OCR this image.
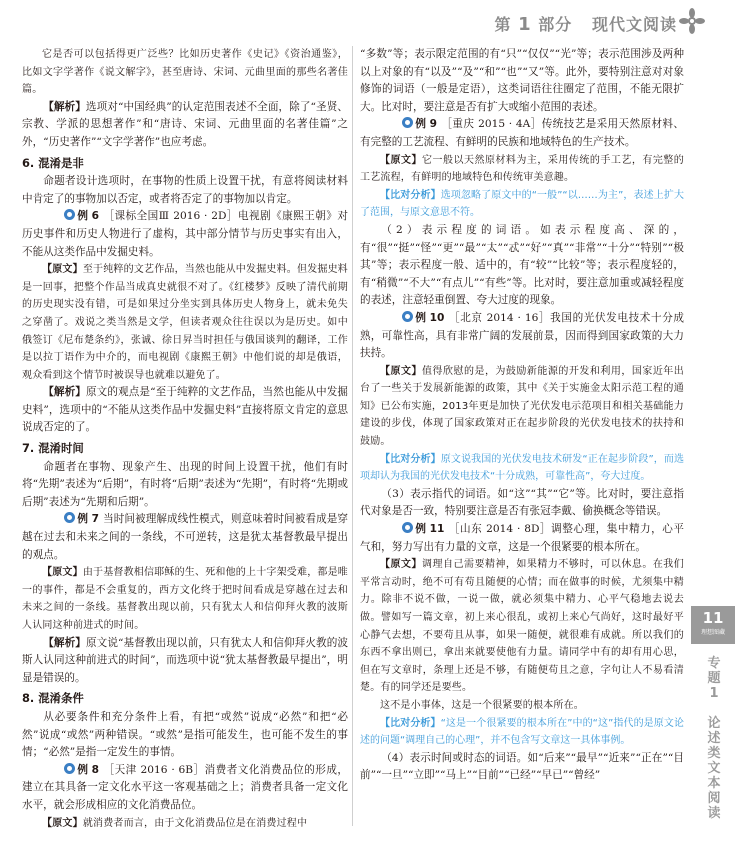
第 1 部分 现代文阅读
它是否可以包括得更广泛些？比如历史著作《史记》《资治通鉴》，比如文字学著作《说文解字》，甚至唐诗、宋词、元曲里面的那些名著佳篇。
【解析】选项对“中国经典”的认定范围表述不全面，除了“圣贤、宗教、学派的思想著作”和“唐诗、宋词、元曲里面的名著佳篇”之外，“历史著作”“文字学著作”也应考虑。
6. 混淆是非
命题者设计选项时，在事物的性质上设置干扰，有意将阅读材料中肯定了的事物加以否定，或者将否定了的事物加以肯定。
例 6 ［课标全国Ⅲ 2016 · 2D］电视剧《康熙王朝》对历史事件和历史人物进行了虚构，其中部分情节与历史事实有出入，不能从这类作品中发掘史料。
【原文】至于纯粹的文艺作品，当然也能从中发掘史料。但发掘史料是一回事，把整个作品当成真史就很不对了。《红楼梦》反映了清代前期的历史现实没有错，可是如果过分坐实到具体历史人物身上，就未免失之穿凿了。戏说之类当然是文学，但读者观众往往误以为是历史。如中俄签订《尼布楚条约》，张诚、徐日昇当时担任与俄国谈判的翻译，工作是以拉丁语作为中介的，而电视剧《康熙王朝》中他们说的却是俄语，观众看到这个情节时被误导也就难以避免了。
【解析】原文的观点是“至于纯粹的文艺作品，当然也能从中发掘史料”，选项中的“不能从这类作品中发掘史料”直接将原文肯定的意思说成否定的了。
7. 混淆时间
命题者在事物、现象产生、出现的时间上设置干扰，他们有时将“先期”表述为“后期”，有时将“后期”表述为“先期”，有时将“先期或后期”表述为“先期和后期”。
例 7 当时间被理解成线性模式，则意味着时间被看成是穿越在过去和未来之间的一条线，不可逆转，这是犹太基督教最早提出的观点。
【原文】由于基督教相信耶稣的生、死和他的上十字架受难，都是唯一的事件，都是不会重复的，西方文化终于把时间看成是穿越在过去和未来之间的一条线。基督教出现以前，只有犹太人和信仰拜火教的波斯人认同这种前进式的时间。
【解析】原文说“基督教出现以前，只有犹太人和信仰拜火教的波斯人认同这种前进式的时间”，而选项中说“犹太基督教最早提出”，明显是错误的。
8. 混淆条件
从必要条件和充分条件上看，有把“或然”说成“必然”和把“必然”说成“或然”两种错误。“或然”是指可能发生，也可能不发生的事情；“必然”是指一定发生的事情。
例 8 ［天津 2016 · 6B］消费者文化消费品位的形成，建立在其具备一定文化水平这一客观基础之上；消费者具备一定文化水平，就会形成相应的文化消费品位。
【原文】就消费者而言，由于文化消费品位是在消费过程中
“多数”等；表示限定范围的有“只”“仅仅”“光”等；表示范围涉及两种以上对象的有“以及”“及”“和”“也”“又”等。此外，要特别注意对对象修饰的词语（一般是定语），这类词语往往圈定了范围，不能无限扩大。比对时，要注意是否有扩大或缩小范围的表述。
例 9 ［重庆 2015 · 4A］传统技艺是采用天然原材料、有完整的工艺流程、有鲜明的民族和地域特色的生产技术。
【原文】它一般以天然原材料为主，采用传统的手工艺，有完整的工艺流程，有鲜明的地域特色和传统审美意趣。
【比对分析】选项忽略了原文中的“一般”“以……为主”，表述上扩大了范围，与原文意思不符。
（2）表示程度的词语。如表示程度高、深的，有“很”“挺”“怪”“更”“最”“太”“忒”“好”“真”“非常”“十分”“特别”“极其”等；表示程度一般、适中的，有“较”“比较”等；表示程度轻的，有“稍微”“不大”“有点儿”“有些”等。比对时，要注意加重或减轻程度的表述，注意轻重倒置、夸大过度的现象。
例 10 ［北京 2014 · 16］我国的光伏发电技术十分成熟，可靠性高，具有非常广阔的发展前景，因而得到国家政策的大力扶持。
【原文】值得欣慰的是，为鼓励新能源的开发和利用，国家近年出台了一些关于发展新能源的政策，其中《关于实施金太阳示范工程的通知》已公布实施，2013年更是加快了光伏发电示范项目和相关基础能力建设的步伐，体现了国家政策对正在起步阶段的光伏发电技术的扶持和鼓励。
【比对分析】原文说我国的光伏发电技术研发“正在起步阶段”，而选项却认为我国的光伏发电技术“十分成熟，可靠性高”，夸大过度。
（3）表示指代的词语。如“这”“其”“它”等。比对时，要注意指代对象是否一致，特别要注意是否有张冠李戴、偷换概念等错误。
例 11 ［山东 2014 · 8D］调整心理，集中精力，心平气和，努力写出有力量的文章，这是一个很紧要的根本所在。
【原文】调理自己需要精神，如果精力不够时，可以休息。在我们平常言动时，绝不可有苟且随便的心情；而在做事的时候，尤须集中精力。除非不说不做，一说一做，就必须集中精力、心平气稳地去说去做。譬如写一篇文章，初上来心很乱，或初上来心气尚好，这时最好平心静气去想，不要苟且从事，如果一随便，就很难有成就。所以我们的东西不拿出则已，拿出来就要使他有力量。请同学中有的却有用心思，但在写文章时，条理上还是不够，有随便苟且之意，字句让人不易看清楚。有的同学还是要些。
这不是小事体，这是一个很紧要的根本所在。
【比对分析】“这是一个很紧要的根本所在”中的“这”指代的是原文论述的问题“调理自己的心理”，并不包含写文章这一具体事例。
（4）表示时间或时态的词语。如“后来”“最早”“近来”“正在”“目前”“一旦”“立即”“马上”“目前”“已经”“早已”“曾经”
11
理想图藏
专题1
论述类文本阅读
